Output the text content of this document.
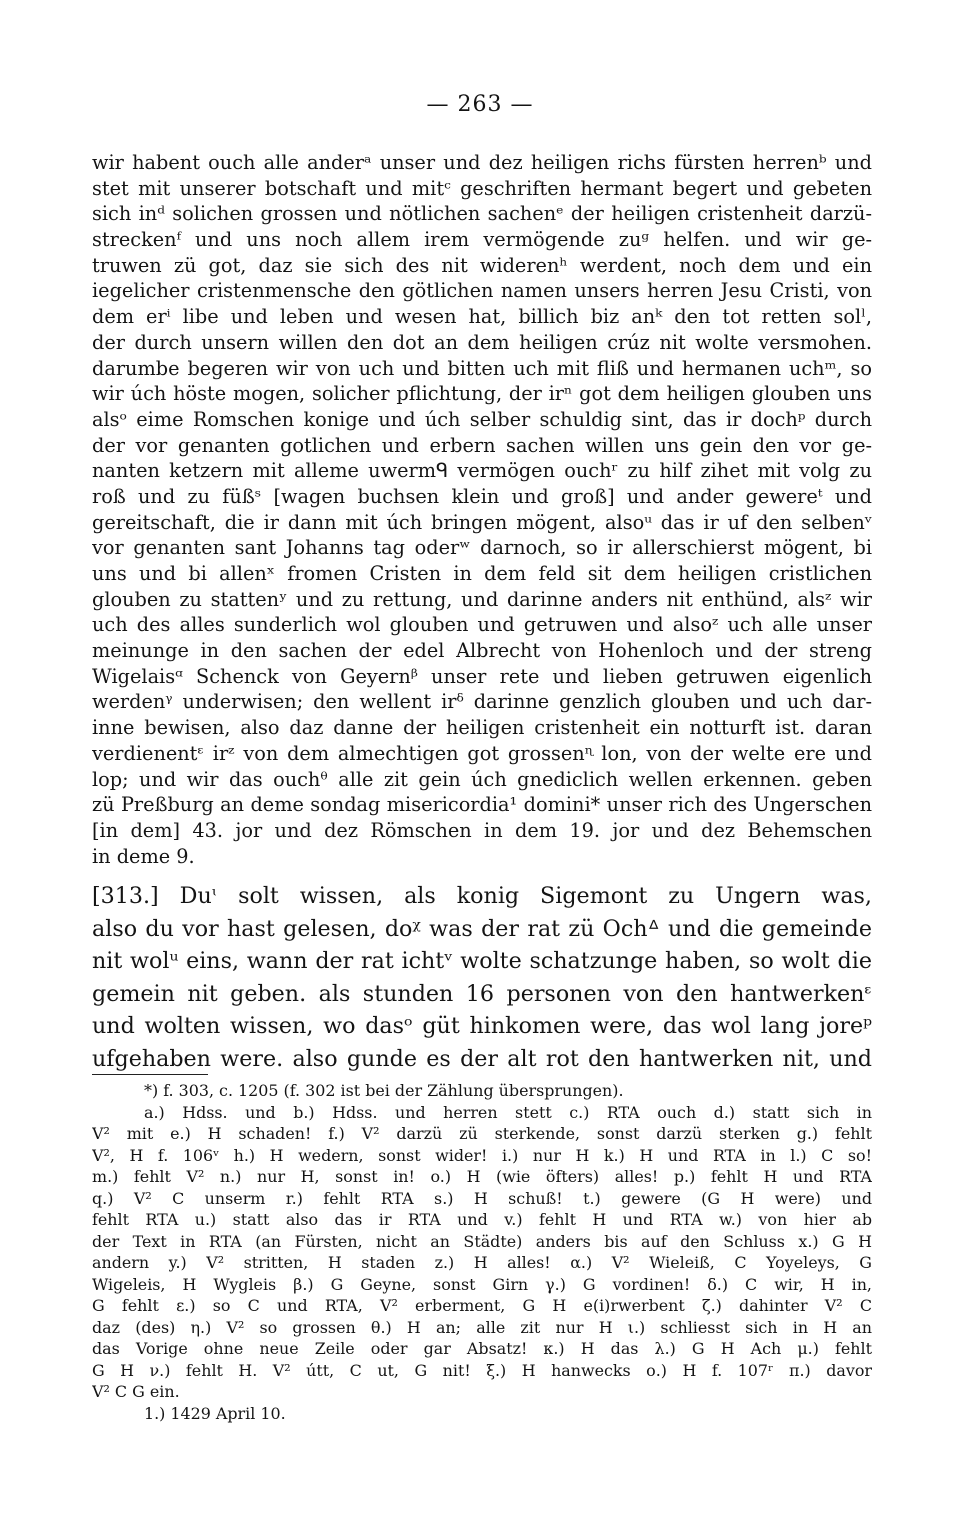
— 263 —
wir habent ouch alle anderᵃ unser und dez heiligen richs fürsten herrenᵇ und
stet mit unserer botschaft und mitᶜ geschriften hermant begert und gebeten
sich inᵈ solichen grossen und nötlichen sachenᵉ der heiligen cristenheit darzü-
streckenᶠ und uns noch allem irem vermögende zuᵍ helfen. und wir ge-
truwen zü got, daz sie sich des nit widerenʰ werdent, noch dem und ein
iegelicher cristenmensche den götlichen namen unsers herren Jesu Cristi, von
dem erⁱ libe und leben und wesen hat, billich biz anᵏ den tot retten solˡ,
der durch unsern willen den dot an dem heiligen crúz nit wolte versmohen.
darumbe begeren wir von uch und bitten uch mit fliß und hermanen uchᵐ, so
wir úch höste mogen, solicher pflichtung, der irⁿ got dem heiligen glouben uns
alsᵒ eime Romschen konige und úch selber schuldig sint, das ir dochᵖ durch
der vor genanten gotlichen und erbern sachen willen uns gein den vor ge-
nanten ketzern mit alleme uwermᑫ vermögen ouchʳ zu hilf zihet mit volg zu
roß und zu füßˢ [wagen buchsen klein und groß] und ander gewereᵗ und
gereitschaft, die ir dann mit úch bringen mögent, alsoᵘ das ir uf den selbenᵛ
vor genanten sant Johanns tag oderʷ darnoch, so ir allerschierst mögent, bi
uns und bi allenˣ fromen Cristen in dem feld sit dem heiligen cristlichen
glouben zu stattenʸ und zu rettung, und darinne anders nit enthünd, alsᶻ wir
uch des alles sunderlich wol glouben und getruwen und alsoᶻ uch alle unser
meinunge in den sachen der edel Albrecht von Hohenloch und der streng
Wigelaisᵅ Schenck von Geyernᵝ unser rete und lieben getruwen eigenlich
werdenᵞ underwisen; den wellent irᵟ darinne genzlich glouben und uch dar-
inne bewisen, also daz danne der heiligen cristenheit ein notturft ist. daran
verdienentᵋ irᶻ von dem almechtigen got grossenᶯ lon, von der welte ere und
lop; und wir das ouchᶿ alle zit gein úch gnediclich wellen erkennen. geben
zü Preßburg an deme sondag misericordia¹ domini* unser rich des Ungerschen
[in dem] 43. jor und dez Römschen in dem 19. jor und dez Behemschen
in deme 9.
[313.] Duᶥ solt wissen, als konig Sigemont zu Ungern was,
also du vor hast gelesen, doᵡ was der rat zü Ochᐞ und die gemeinde
nit wolᵘ eins, wann der rat ichtᵛ wolte schatzunge haben, so wolt die
gemein nit geben. als stunden 16 personen von den hantwerkenᵋ
und wolten wissen, wo dasᵒ güt hinkomen were, das wol lang joreᵖ
ufgehaben were. also gunde es der alt rot den hantwerken nit, und
*) f. 303, c. 1205 (f. 302 ist bei der Zählung übersprungen).
a.) Hdss. und b.) Hdss. und herren stett c.) RTA ouch d.) statt sich in
V² mit e.) H schaden! f.) V² darzü zü sterkende, sonst darzü sterken g.) fehlt
V², H f. 106ᵛ h.) H wedern, sonst wider! i.) nur H k.) H und RTA in l.) C so!
m.) fehlt V² n.) nur H, sonst in! o.) H (wie öfters) alles! p.) fehlt H und RTA
q.) V² C unserm r.) fehlt RTA s.) H schuß! t.) gewere (G H were) und
fehlt RTA u.) statt also das ir RTA und v.) fehlt H und RTA w.) von hier ab
der Text in RTA (an Fürsten, nicht an Städte) anders bis auf den Schluss x.) G H
andern y.) V² stritten, H staden z.) H alles! α.) V² Wieleiß, C Yoyeleys, G
Wigeleis, H Wygleis β.) G Geyne, sonst Girn γ.) G vordinen! δ.) C wir, H in,
G fehlt ε.) so C und RTA, V² erberment, G H e(i)rwerbent ζ.) dahinter V² C
daz (des) η.) V² so grossen θ.) H an; alle zit nur H ι.) schliesst sich in H an
das Vorige ohne neue Zeile oder gar Absatz! κ.) H das λ.) G H Ach μ.) fehlt
G H ν.) fehlt H. V² útt, C ut, G nit! ξ.) H hanwecks ο.) H f. 107ʳ π.) davor
V² C G ein.
1.) 1429 April 10.
